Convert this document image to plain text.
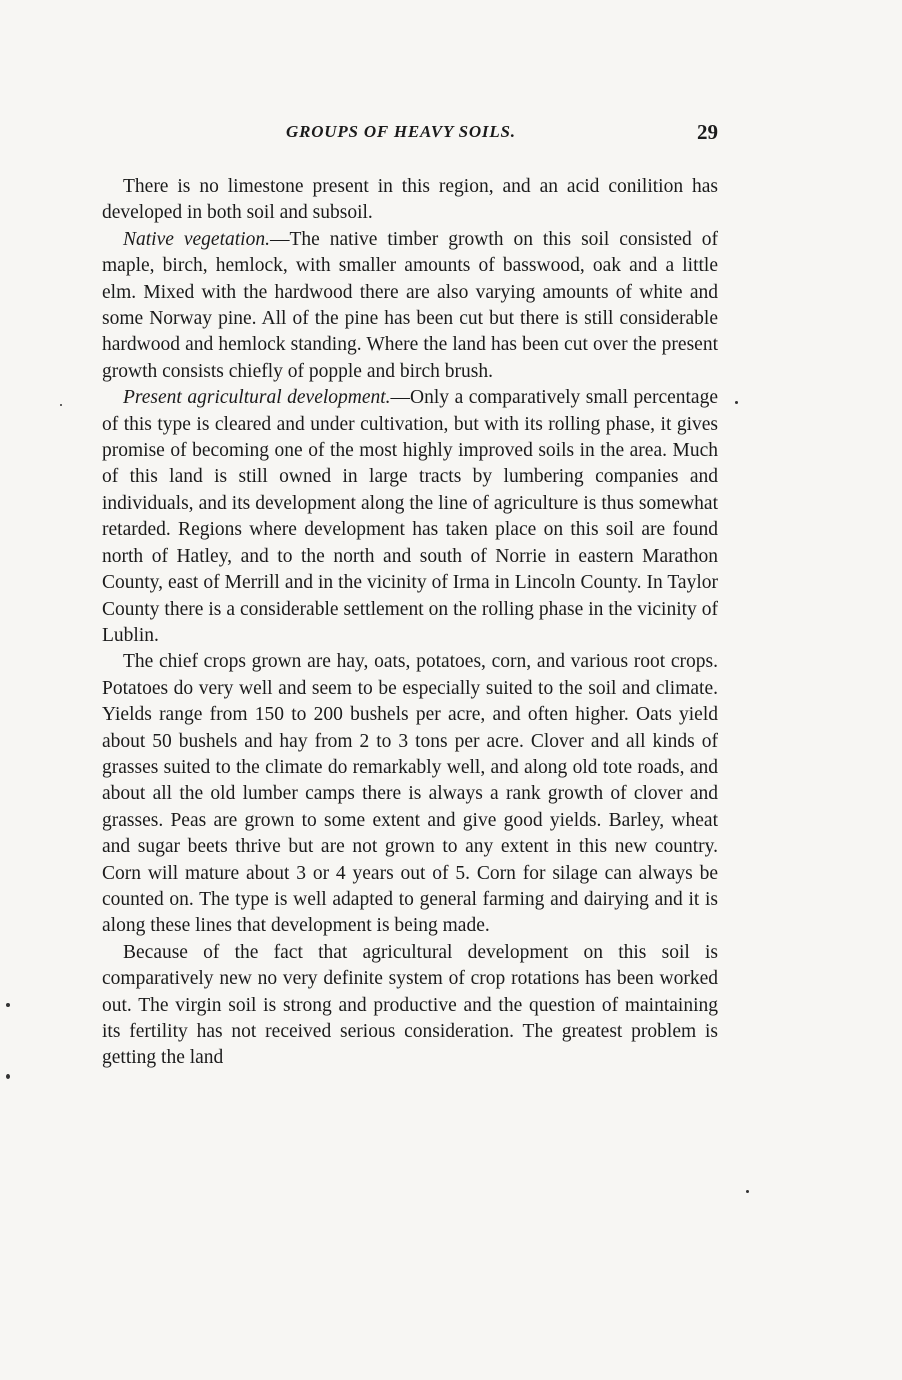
GROUPS OF HEAVY SOILS.	29

There is no limestone present in this region, and an acid conilition has developed in both soil and subsoil.

Native vegetation.—The native timber growth on this soil consisted of maple, birch, hemlock, with smaller amounts of basswood, oak and a little elm. Mixed with the hardwood there are also varying amounts of white and some Norway pine. All of the pine has been cut but there is still considerable hardwood and hemlock standing. Where the land has been cut over the present growth consists chiefly of popple and birch brush.

Present agricultural development.—Only a comparatively small percentage of this type is cleared and under cultivation, but with its rolling phase, it gives promise of becoming one of the most highly improved soils in the area. Much of this land is still owned in large tracts by lumbering companies and individuals, and its development along the line of agriculture is thus somewhat retarded. Regions where development has taken place on this soil are found north of Hatley, and to the north and south of Norrie in eastern Marathon County, east of Merrill and in the vicinity of Irma in Lincoln County. In Taylor County there is a considerable settlement on the rolling phase in the vicinity of Lublin.

The chief crops grown are hay, oats, potatoes, corn, and various root crops. Potatoes do very well and seem to be especially suited to the soil and climate. Yields range from 150 to 200 bushels per acre, and often higher. Oats yield about 50 bushels and hay from 2 to 3 tons per acre. Clover and all kinds of grasses suited to the climate do remarkably well, and along old tote roads, and about all the old lumber camps there is always a rank growth of clover and grasses. Peas are grown to some extent and give good yields. Barley, wheat and sugar beets thrive but are not grown to any extent in this new country. Corn will mature about 3 or 4 years out of 5. Corn for silage can always be counted on. The type is well adapted to general farming and dairying and it is along these lines that development is being made.

Because of the fact that agricultural development on this soil is comparatively new no very definite system of crop rotations has been worked out. The virgin soil is strong and productive and the question of maintaining its fertility has not received serious consideration. The greatest problem is getting the land
